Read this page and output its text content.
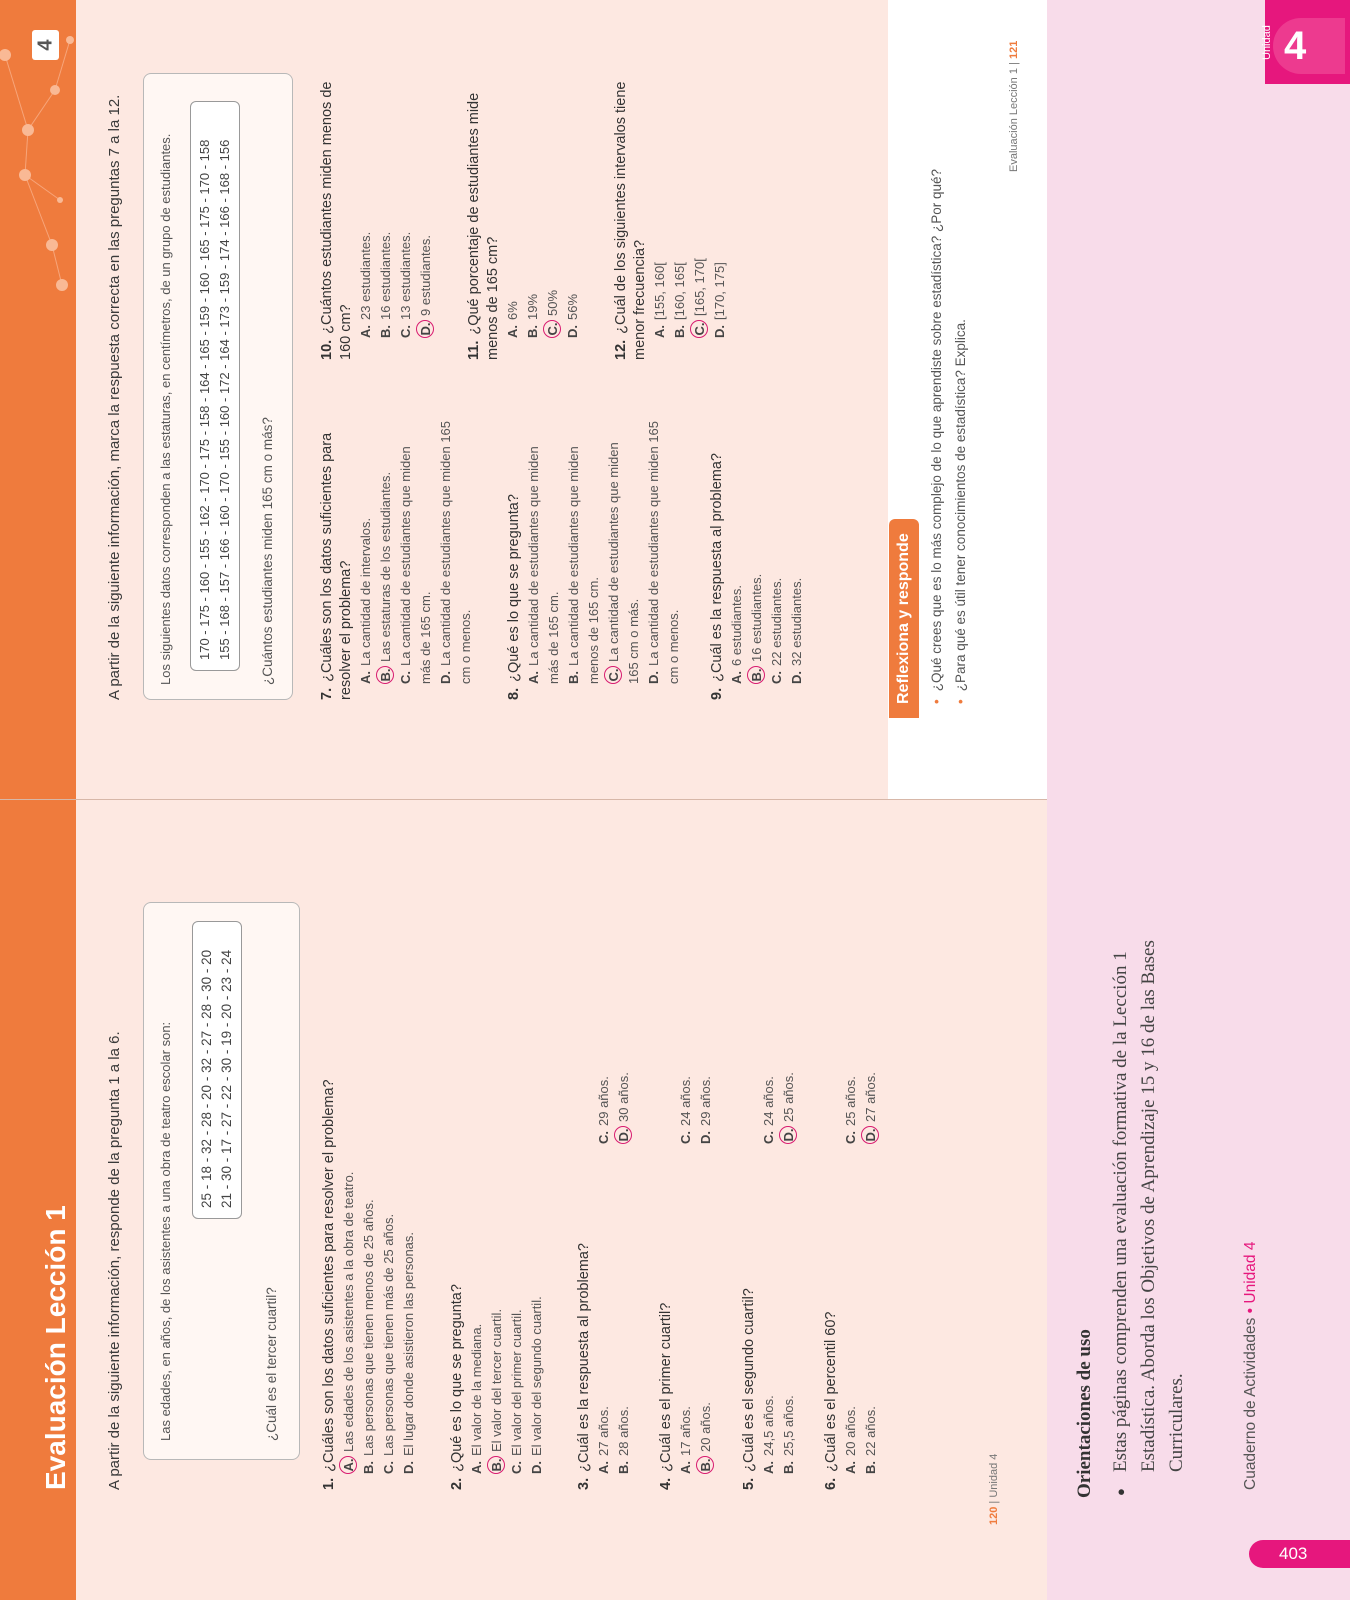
4
Evaluación Lección 1 A partir de la siguiente información, responde de la pregunta 1 a la 6.	Las edades, en años, de los asistentes a una obra de teatro escolar son: 25 - 18 - 32 - 28 - 20 - 32 - 27 - 28 - 30 - 20 21 - 30 - 17 - 27 - 22 - 30 - 19 - 20 - 23 - 24
¿Cuál es el tercer cuartil?
1.¿Cuáles son los datos suficientes para resolver el problema? A.Las edades de los asistentes a la obra de teatro.
B.Las personas que tienen menos de 25 años.
C.Las personas que tienen más de 25 años.
D.El lugar donde asistieron las personas.
2.¿Qué es lo que se pregunta? A.El valor de la mediana.
B.El valor del tercer cuartil.
C.El valor del primer cuartil.
D.El valor del segundo cuartil.
3.¿Cuál es la respuesta al problema? A.27 años.
B.28 años.
C.29 años.
D.30 años.
4.¿Cuál es el primer cuartil? A.17 años.
B.20 años.
C.24 años.
D.29 años.
5.¿Cuál es el segundo cuartil? A.24,5 años.
B.25,5 años.
C.24 años.
D.25 años.
6.¿Cuál es el percentil 60? A.20 años.
B.22 años.
C.25 años.
D.27 años.
120 | Unidad 4
A partir de la siguiente información, marca la respuesta correcta en las preguntas 7 a la 12.	Los siguientes datos corresponden a las estaturas, en centímetros, de un grupo de estudiantes. 170 - 175 - 160 - 155 - 162 - 170 - 175 - 158 - 164 - 165 - 159 - 160 - 165 - 175 - 170 - 158 155 - 168 - 157 - 166 - 160 - 170 - 155 - 160 - 172 - 164 - 173 - 159 - 174 - 166 - 168 - 156 ¿Cuántos estudiantes miden 165 cm o más?
7.¿Cuáles son los datos suficientes para resolver el problema? A.La cantidad de intervalos.
B.Las estaturas de los estudiantes.
C.La cantidad de estudiantes que miden más de 165 cm. D.La cantidad de estudiantes que miden 165 cm o menos.
8.¿Qué es lo que se pregunta? A.La cantidad de estudiantes que miden más de 165 cm. B.La cantidad de estudiantes que miden menos de 165 cm. C.La cantidad de estudiantes que miden 165 cm o más. D.La cantidad de estudiantes que miden 165 cm o menos.
9.¿Cuál es la respuesta al problema? A.6 estudiantes.
B.16 estudiantes.
C.22 estudiantes.
D.32 estudiantes.
10.¿Cuántos estudiantes miden menos de 160 cm? A.23 estudiantes.
B.16 estudiantes.
C.13 estudiantes.
D.9 estudiantes.
11.¿Qué porcentaje de estudiantes mide menos de 165 cm? A.6%
B.19%
C.50%
D.56%
12.¿Cuál de los siguientes intervalos tiene menor frecuencia? A.[155, 160[
B.[160, 165[
C.[165, 170[
D.[170, 175]
Reflexiona y responde	•¿Qué crees que es lo más complejo de lo que aprendiste sobre estadística? ¿Por qué?
•¿Para qué es útil tener conocimientos de estadística? Explica.
Evaluación Lección 1 | 121
Orientaciones de uso ●
Estas páginas comprenden una evaluación formativa de la Lección 1 Estadística. Aborda los Objetivos de Aprendizaje 15 y 16 de las Bases Curriculares.	Cuaderno de Actividades • Unidad 4
403
Unidad 4
